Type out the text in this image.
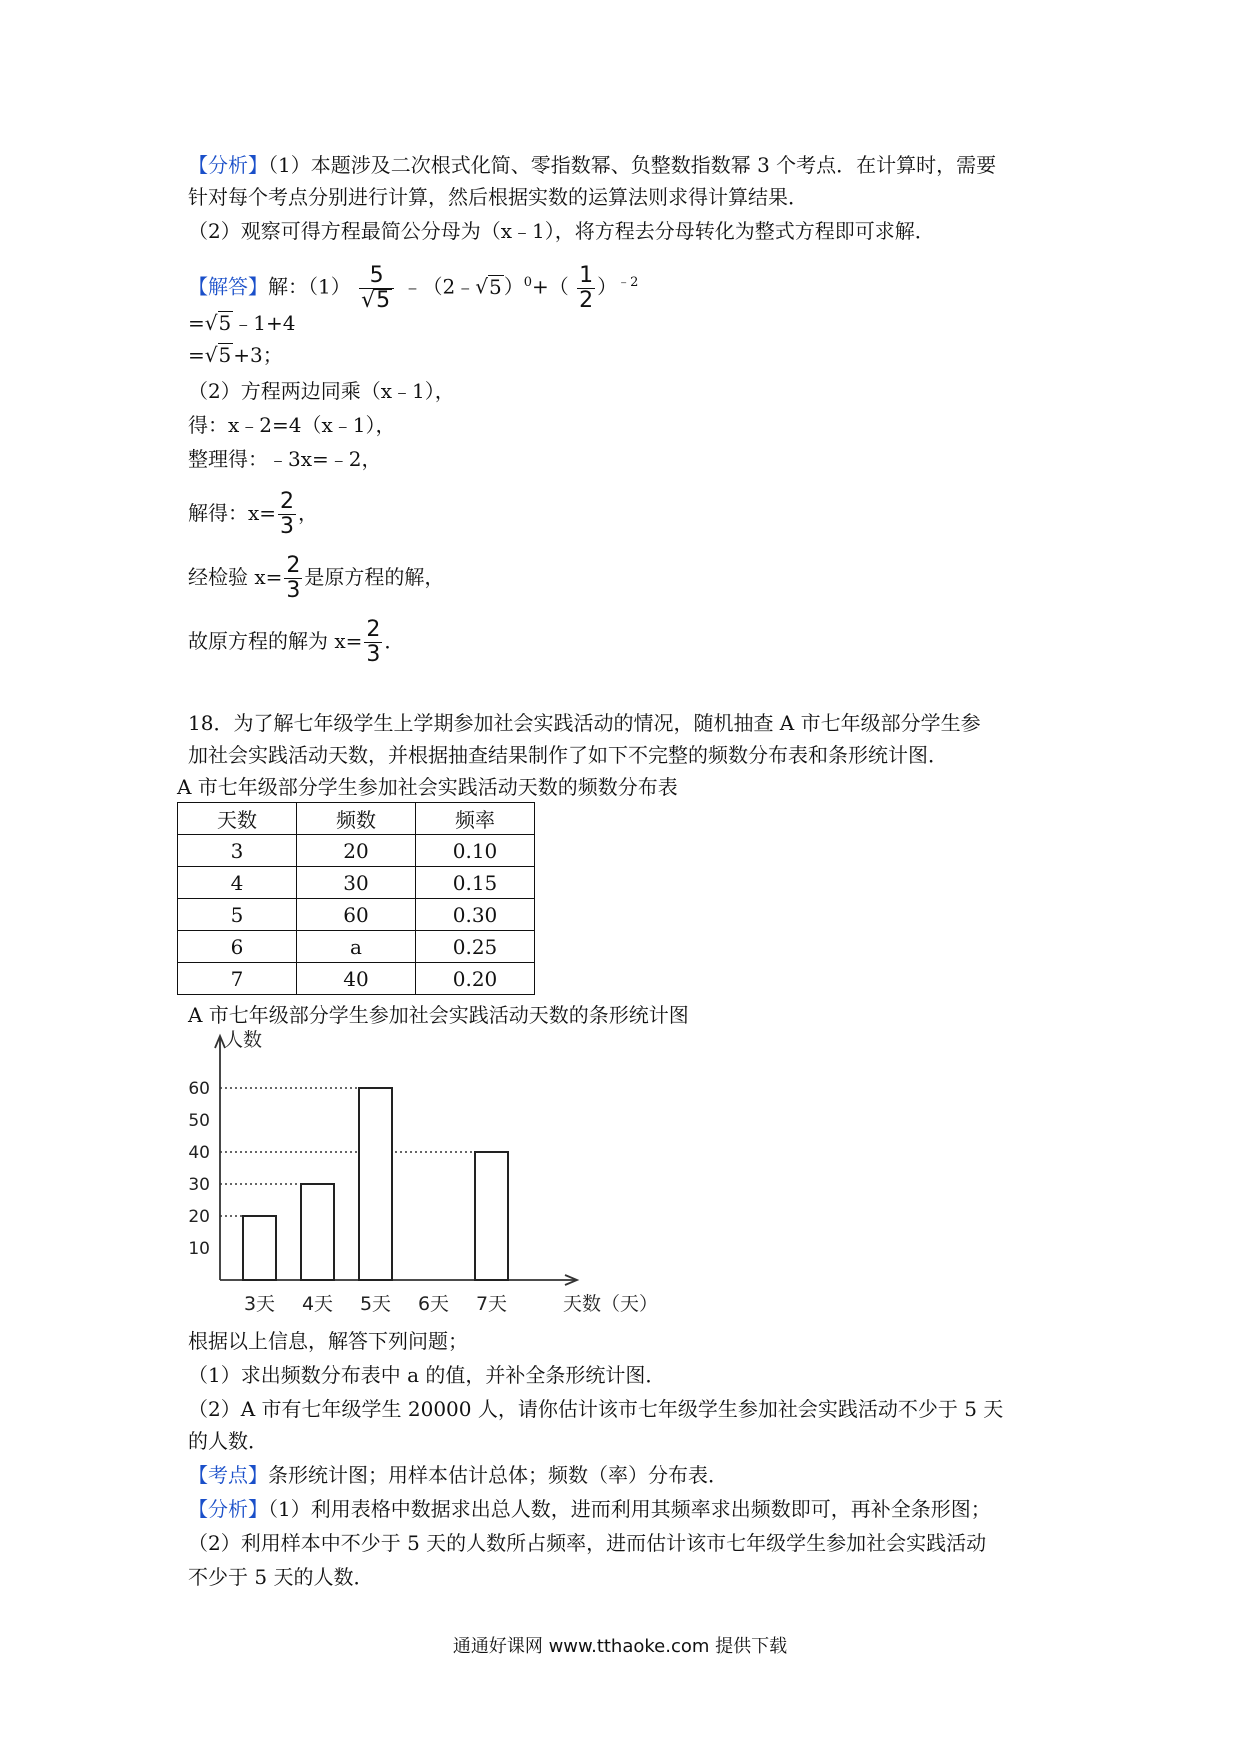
【分析】（1）本题涉及二次根式化简、零指数幂、负整数指数幂 3 个考点．在计算时，需要
针对每个考点分别进行计算，然后根据实数的运算法则求得计算结果．
（2）观察可得方程最简公分母为（x﹣1），将方程去分母转化为整式方程即可求解．
【解答】解：$(1) \frac{5}{√5}$ ﹣（2﹣√5 ）$^0+( \frac{1}{2} )^{﹣2}$
=√5 ﹣1+4
=√5 +3；
（2）方程两边同乘（x﹣1），
得：x﹣2=4（x﹣1），
整理得：﹣3x=﹣2，
解得：$x= \frac{2}{3}$ ，
经检验 $x= \frac{2}{3}$ 是原方程的解，
故原方程的解为 $x= \frac{2}{3}$ ．
18．为了解七年级学生上学期参加社会实践活动的情况，随机抽查 A 市七年级部分学生参
加社会实践活动天数，并根据抽查结果制作了如下不完整的频数分布表和条形统计图．
A 市七年级部分学生参加社会实践活动天数的频数分布表
天数	频数	频率
3	20	0.10
4	30	0.15
5	60	0.30
6	a	0.25
7	40	0.20
A 市七年级部分学生参加社会实践活动天数的条形统计图
10
20
30
40
50
60
人数
3天 4天 5天 6天 7天	天数（天）
根据以上信息，解答下列问题；
（1）求出频数分布表中 a 的值，并补全条形统计图．
（2）A 市有七年级学生 20000 人，请你估计该市七年级学生参加社会实践活动不少于 5 天
的人数．
【考点】条形统计图；用样本估计总体；频数（率）分布表．
【分析】（1）利用表格中数据求出总人数，进而利用其频率求出频数即可，再补全条形图；
（2）利用样本中不少于 5 天的人数所占频率，进而估计该市七年级学生参加社会实践活动
不少于 5 天的人数．
通通好课网 www.tthaoke.com 提供下载
